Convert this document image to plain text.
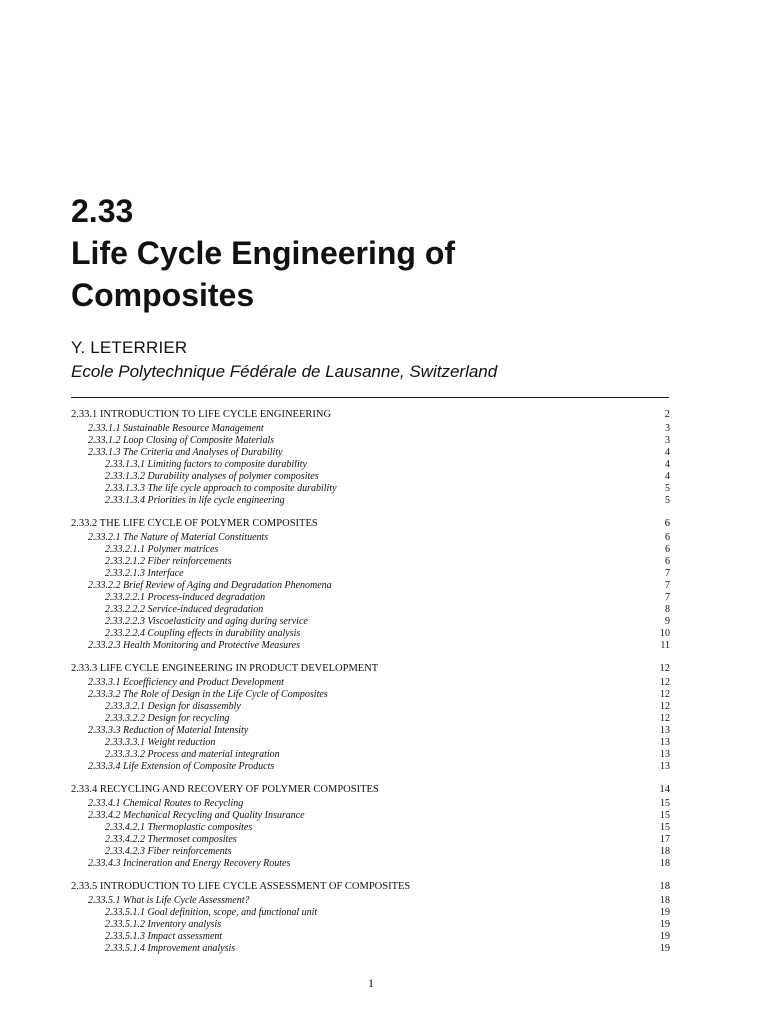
2.33
Life Cycle Engineering of
Composites
Y. LETERRIER
Ecole Polytechnique Fédérale de Lausanne, Switzerland
2.33.1 INTRODUCTION TO LIFE CYCLE ENGINEERING	2
2.33.1.1 Sustainable Resource Management	3
2.33.1.2 Loop Closing of Composite Materials	3
2.33.1.3 The Criteria and Analyses of Durability	4
2.33.1.3.1 Limiting factors to composite durability	4
2.33.1.3.2 Durability analyses of polymer composites	4
2.33.1.3.3 The life cycle approach to composite durability	5
2.33.1.3.4 Priorities in life cycle engineering	5
2.33.2 THE LIFE CYCLE OF POLYMER COMPOSITES	6
2.33.2.1 The Nature of Material Constituents	6
2.33.2.1.1 Polymer matrices	6
2.33.2.1.2 Fiber reinforcements	6
2.33.2.1.3 Interface	7
2.33.2.2 Brief Review of Aging and Degradation Phenomena	7
2.33.2.2.1 Process-induced degradation	7
2.33.2.2.2 Service-induced degradation	8
2.33.2.2.3 Viscoelasticity and aging during service	9
2.33.2.2.4 Coupling effects in durability analysis	10
2.33.2.3 Health Monitoring and Protective Measures	11
2.33.3 LIFE CYCLE ENGINEERING IN PRODUCT DEVELOPMENT	12
2.33.3.1 Ecoefficiency and Product Development	12
2.33.3.2 The Role of Design in the Life Cycle of Composites	12
2.33.3.2.1 Design for disassembly	12
2.33.3.2.2 Design for recycling	12
2.33.3.3 Reduction of Material Intensity	13
2.33.3.3.1 Weight reduction	13
2.33.3.3.2 Process and material integration	13
2.33.3.4 Life Extension of Composite Products	13
2.33.4 RECYCLING AND RECOVERY OF POLYMER COMPOSITES	14
2.33.4.1 Chemical Routes to Recycling	15
2.33.4.2 Mechanical Recycling and Quality Insurance	15
2.33.4.2.1 Thermoplastic composites	15
2.33.4.2.2 Thermoset composites	17
2.33.4.2.3 Fiber reinforcements	18
2.33.4.3 Incineration and Energy Recovery Routes	18
2.33.5 INTRODUCTION TO LIFE CYCLE ASSESSMENT OF COMPOSITES	18
2.33.5.1 What is Life Cycle Assessment?	18
2.33.5.1.1 Goal definition, scope, and functional unit	19
2.33.5.1.2 Inventory analysis	19
2.33.5.1.3 Impact assessment	19
2.33.5.1.4 Improvement analysis	19
1
